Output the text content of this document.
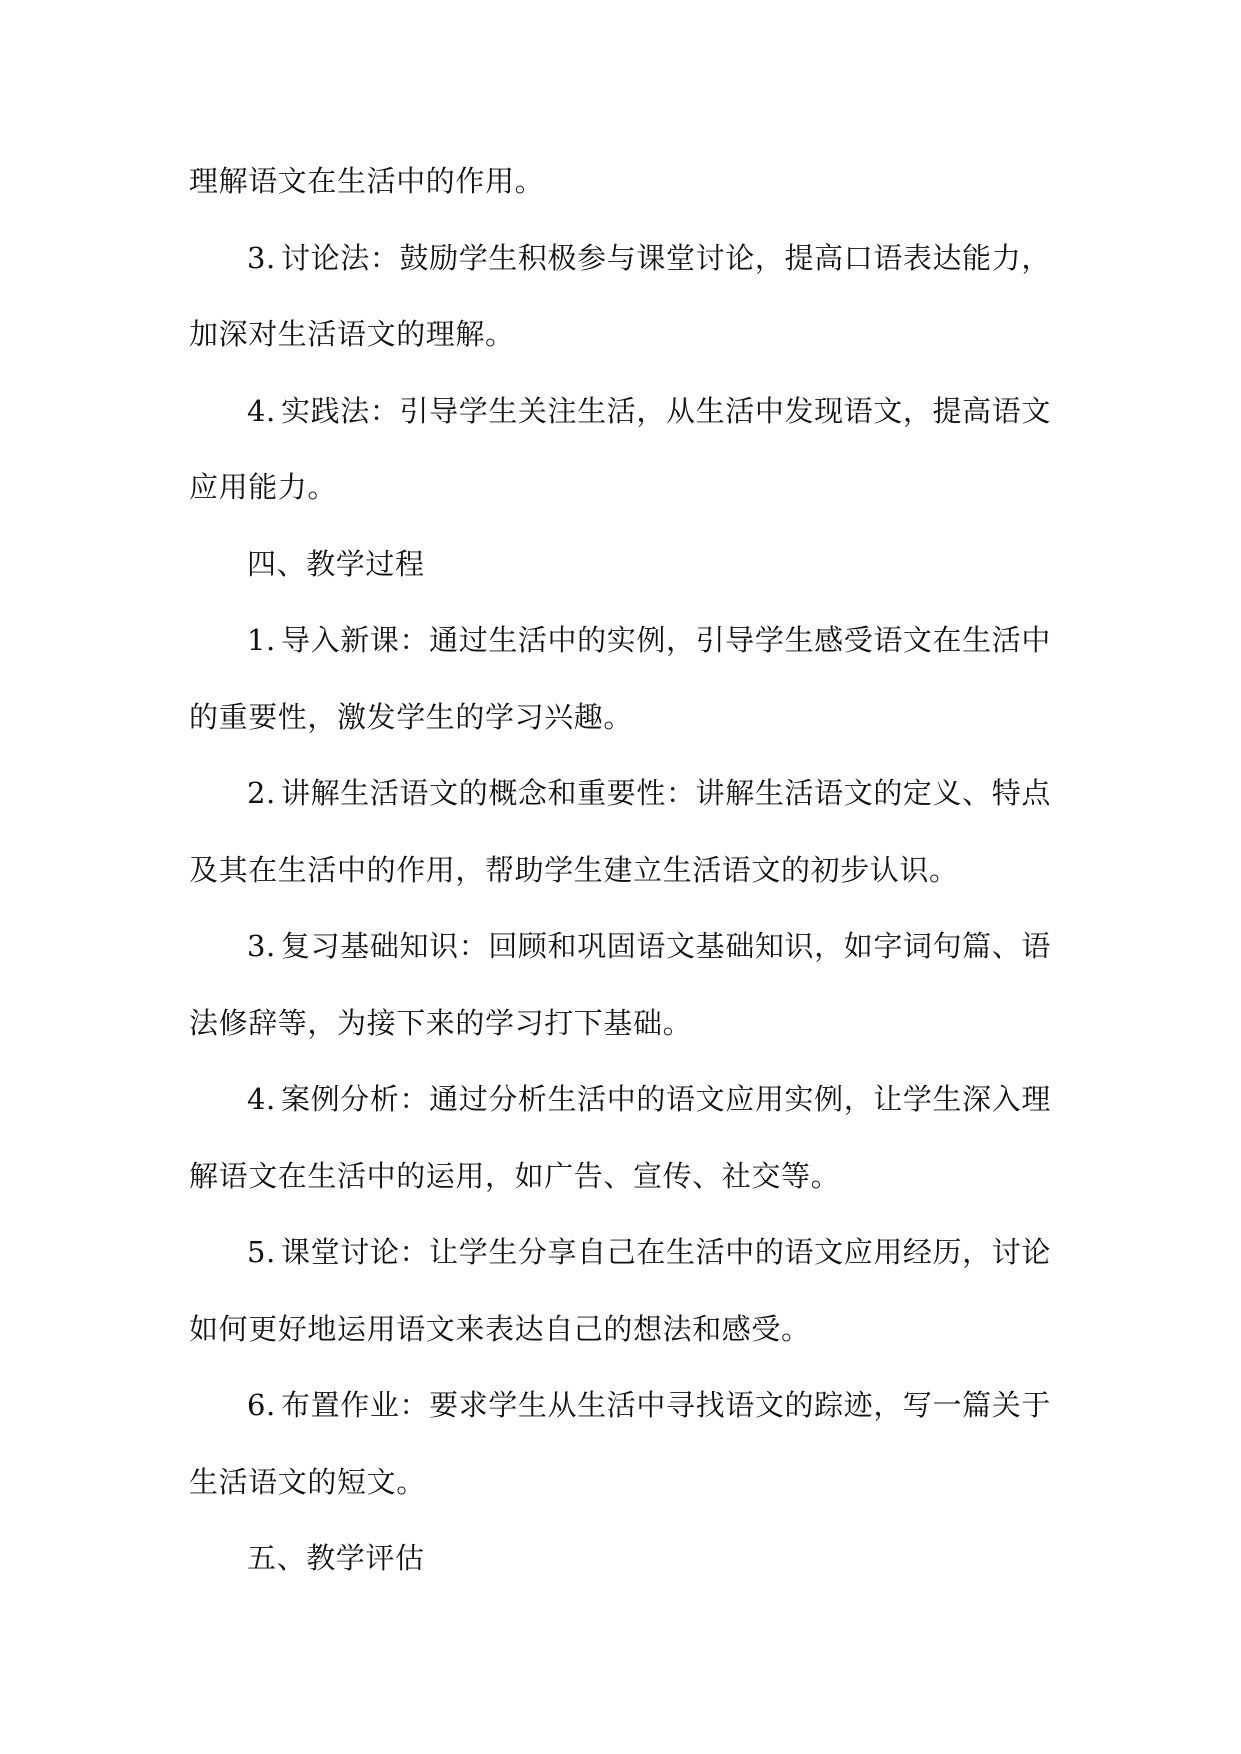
理解语文在生活中的作用。

3. 讨论法：鼓励学生积极参与课堂讨论，提高口语表达能力，加深对生活语文的理解。

4. 实践法：引导学生关注生活，从生活中发现语文，提高语文应用能力。

四、教学过程

1. 导入新课：通过生活中的实例，引导学生感受语文在生活中的重要性，激发学生的学习兴趣。

2. 讲解生活语文的概念和重要性：讲解生活语文的定义、特点及其在生活中的作用，帮助学生建立生活语文的初步认识。

3. 复习基础知识：回顾和巩固语文基础知识，如字词句篇、语法修辞等，为接下来的学习打下基础。

4. 案例分析：通过分析生活中的语文应用实例，让学生深入理解语文在生活中的运用，如广告、宣传、社交等。

5. 课堂讨论：让学生分享自己在生活中的语文应用经历，讨论如何更好地运用语文来表达自己的想法和感受。

6. 布置作业：要求学生从生活中寻找语文的踪迹，写一篇关于生活语文的短文。

五、教学评估
